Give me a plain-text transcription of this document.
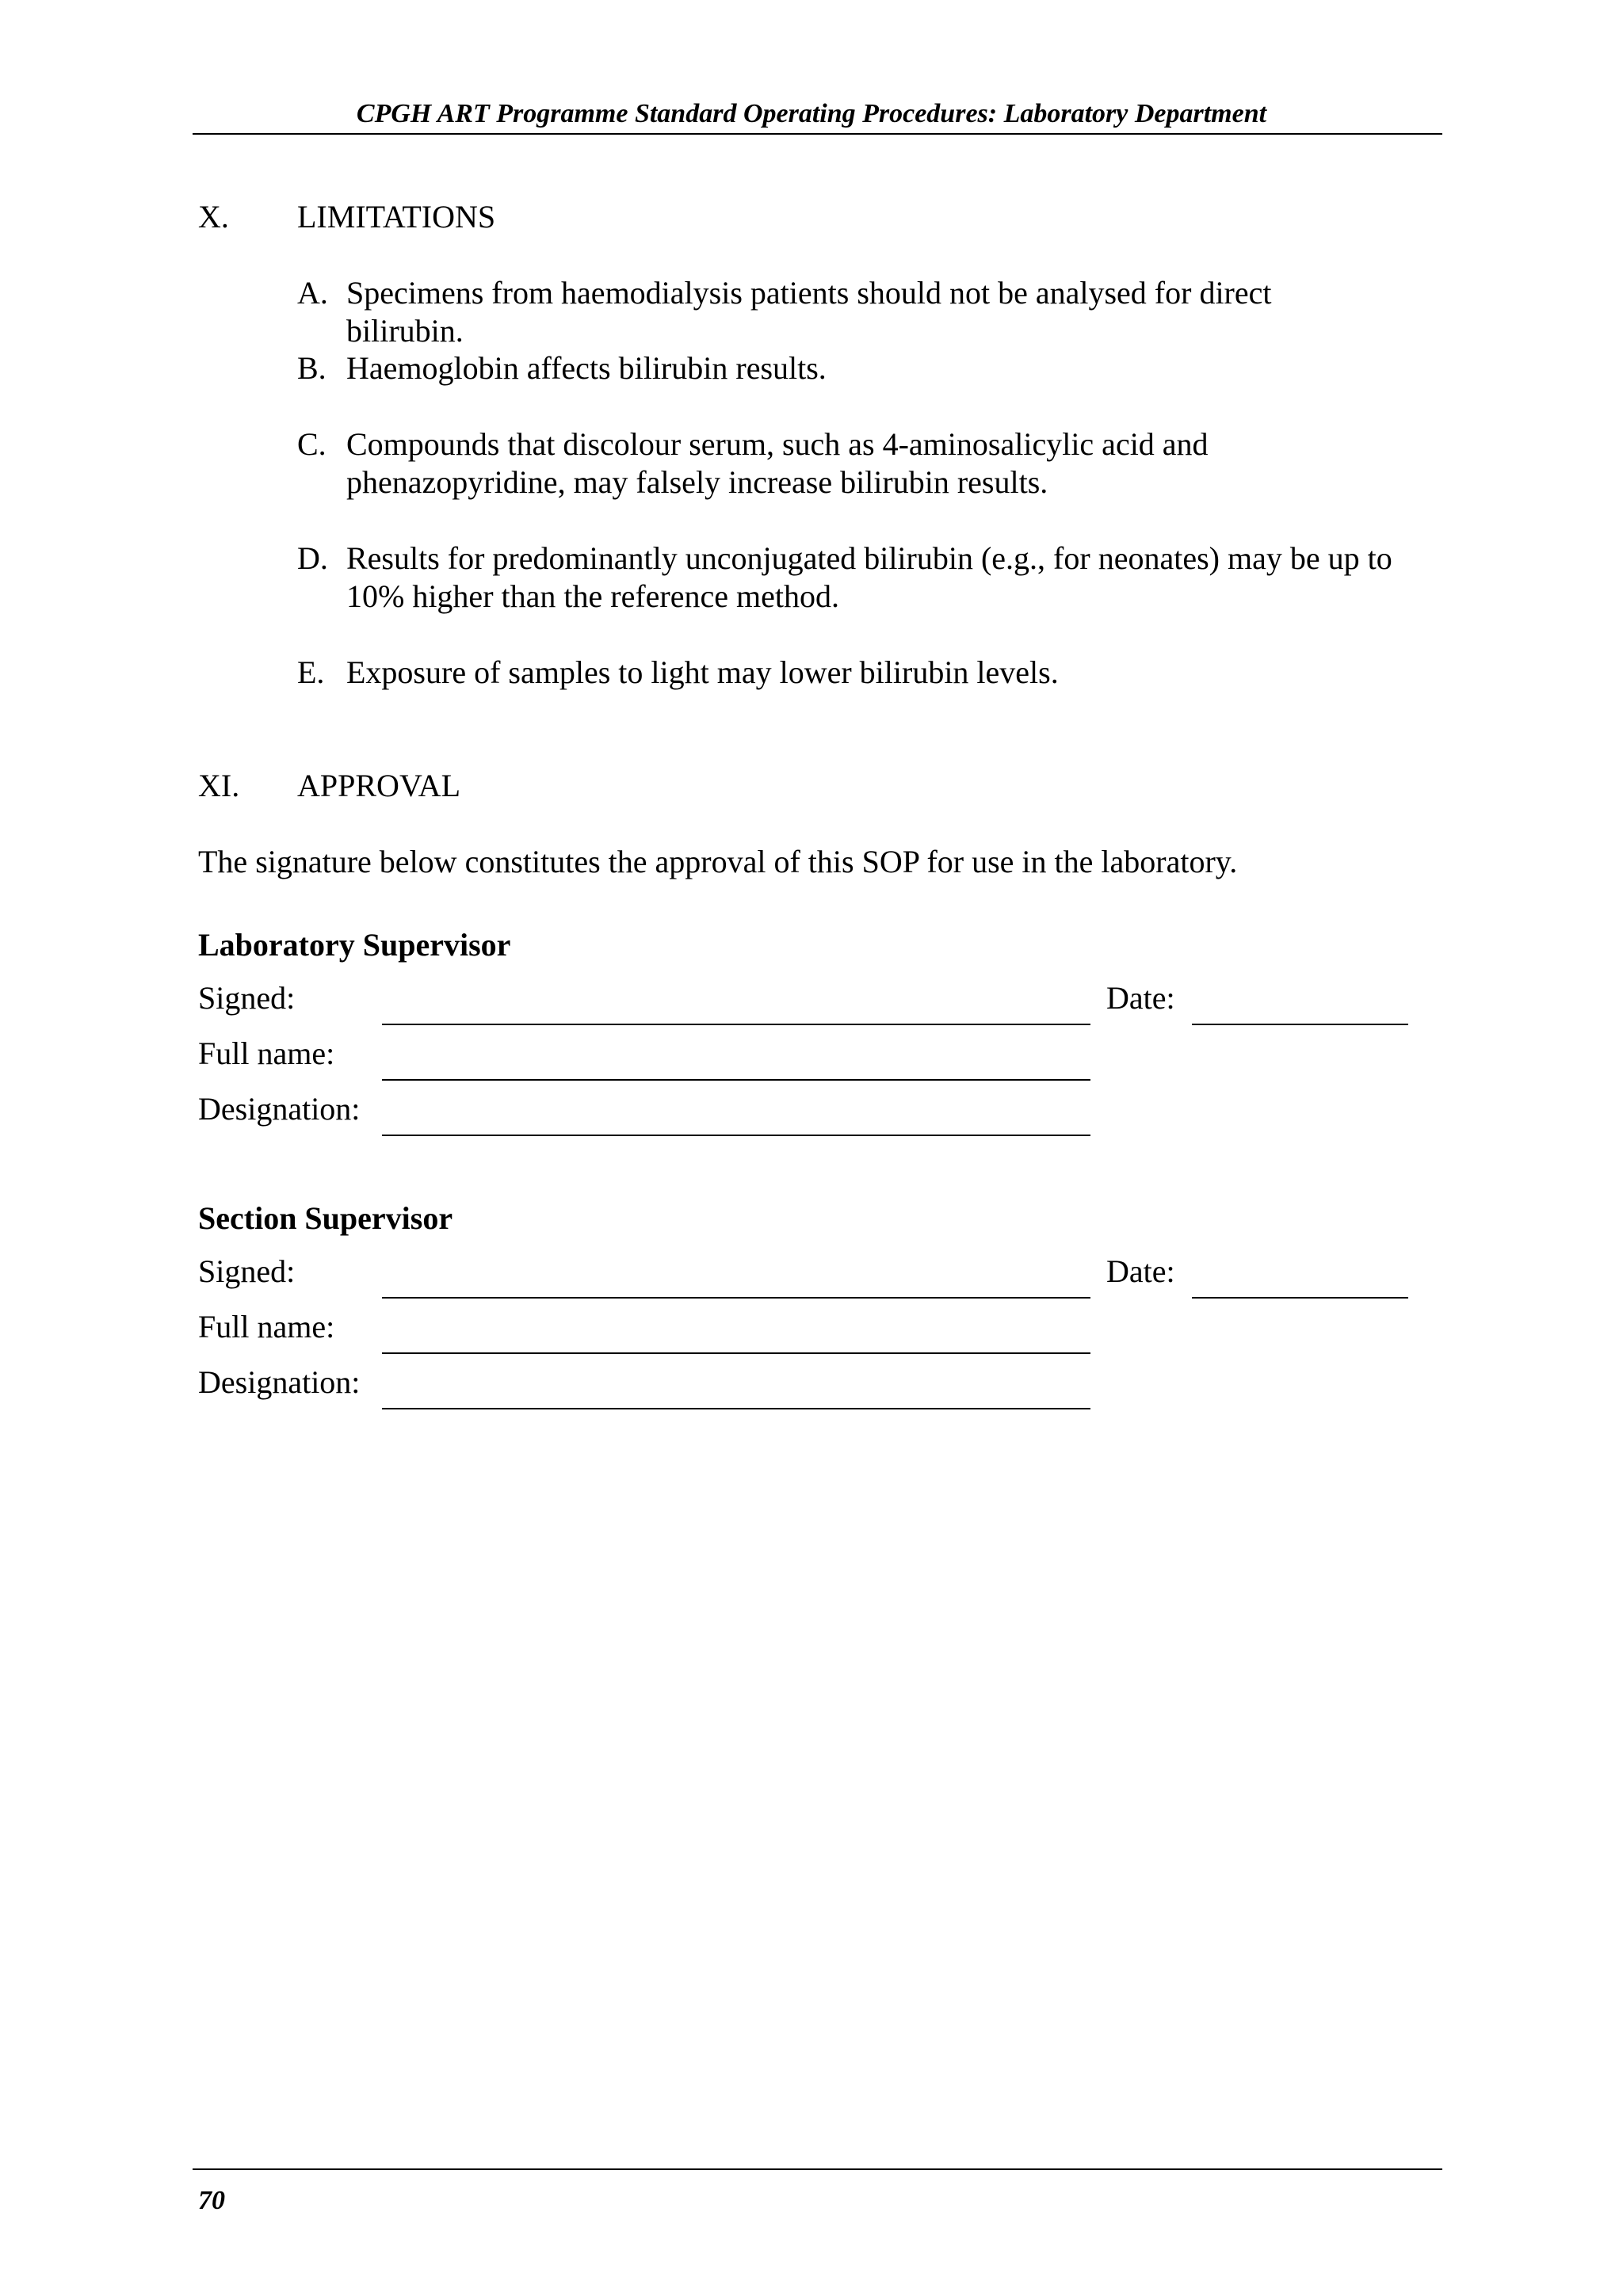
CPGH ART Programme Standard Operating Procedures: Laboratory Department
X. LIMITATIONS
A. Specimens from haemodialysis patients should not be analysed for direct
bilirubin.
B. Haemoglobin affects bilirubin results.
C. Compounds that discolour serum, such as 4-aminosalicylic acid and
phenazopyridine, may falsely increase bilirubin results.
D. Results for predominantly unconjugated bilirubin (e.g., for neonates) may be up to
10% higher than the reference method.
E. Exposure of samples to light may lower bilirubin levels.
XI. APPROVAL
The signature below constitutes the approval of this SOP for use in the laboratory.
Laboratory Supervisor
Signed:	Date:
Full name:
Designation:
Section Supervisor
Signed:	Date:
Full name:
Designation:
70
